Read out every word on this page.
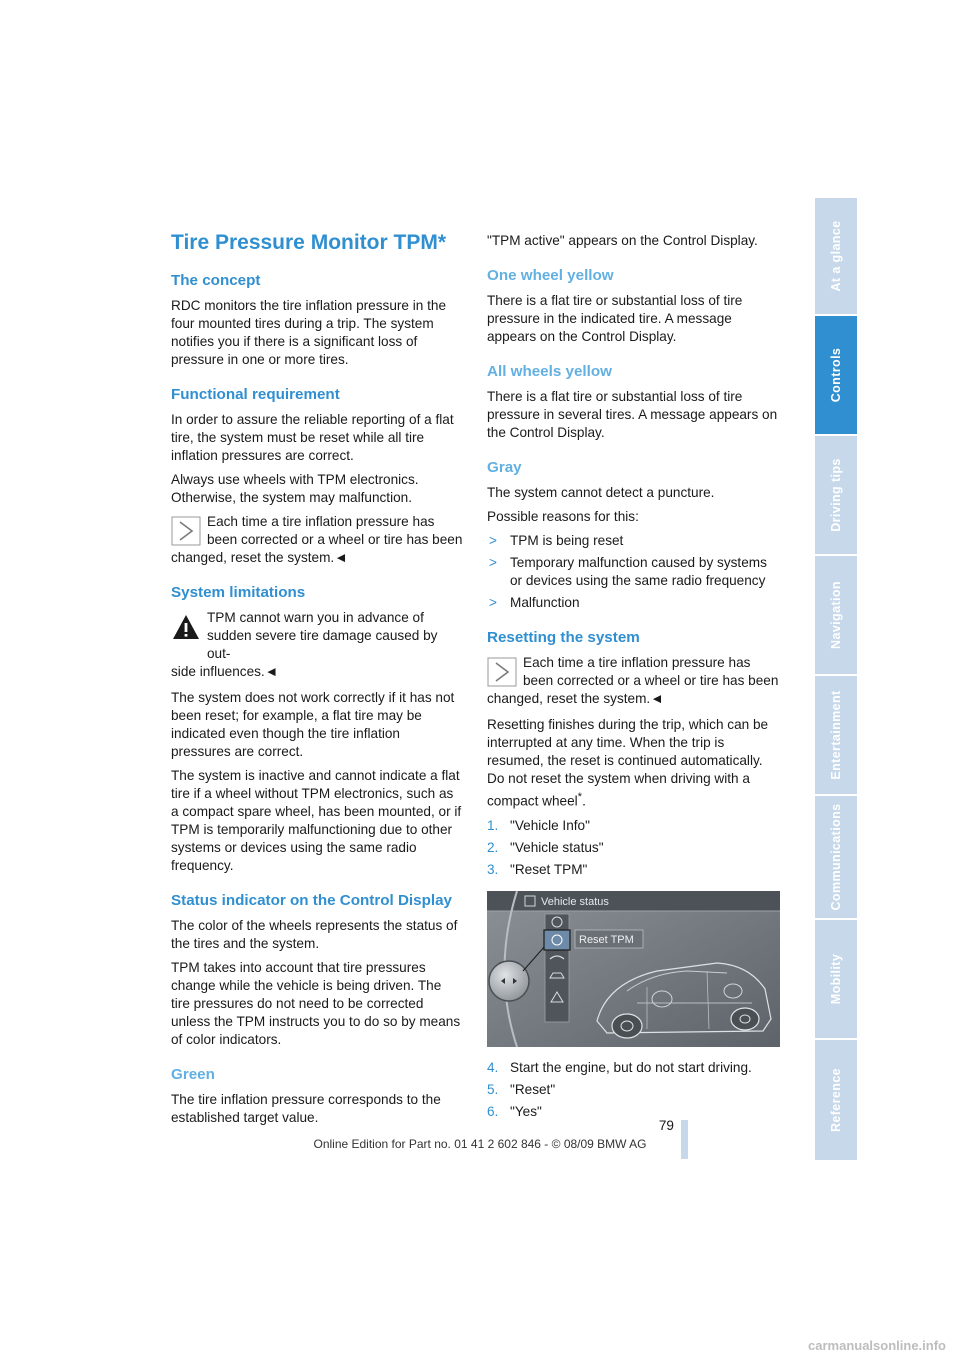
Tire Pressure Monitor TPM*
The concept

RDC monitors the tire inflation pressure in the four mounted tires during a trip. The system notifies you if there is a significant loss of pressure in one or more tires.

Functional requirement

In order to assure the reliable reporting of a flat tire, the system must be reset while all tire inflation pressures are correct.

Always use wheels with TPM electronics. Otherwise, the system may malfunction.

Each time a tire inflation pressure has been corrected or a wheel or tire has been

changed, reset the system.◄

System limitations
TPM cannot warn you in advance of sudden severe tire damage caused by out-

side influences.◄

The system does not work correctly if it has not been reset; for example, a flat tire may be indicated even though the tire inflation pressures are correct.

The system is inactive and cannot indicate a flat tire if a wheel without TPM electronics, such as a compact spare wheel, has been mounted, or if TPM is temporarily malfunctioning due to other systems or devices using the same radio frequency.

Status indicator on the Control Display

The color of the wheels represents the status of the tires and the system.

TPM takes into account that tire pressures change while the vehicle is being driven. The tire pressures do not need to be corrected unless the TPM instructs you to do so by means of color indicators.

Green

The tire inflation pressure corresponds to the established target value.

"TPM active" appears on the Control Display.

One wheel yellow

There is a flat tire or substantial loss of tire pressure in the indicated tire. A message appears on the Control Display.

All wheels yellow

There is a flat tire or substantial loss of tire pressure in several tires. A message appears on the Control Display.

Gray

The system cannot detect a puncture.

Possible reasons for this:

> TPM is being reset
> Temporary malfunction caused by systems or devices using the same radio frequency
> Malfunction
Resetting the system
Each time a tire inflation pressure has been corrected or a wheel or tire has been

changed, reset the system.◄

Resetting finishes during the trip, which can be interrupted at any time. When the trip is resumed, the reset is continued automatically. Do not reset the system when driving with a compact wheel*.

1. "Vehicle Info"
2. "Vehicle status"
3. "Reset TPM"
Vehicle status
Reset TPM
4. Start the engine, but do not start driving.
5. "Reset"
6. "Yes"
At a glance
Controls
Driving tips
Navigation
Entertainment
Communications
Mobility
Reference
79
Online Edition for Part no. 01 41 2 602 846 - © 08/09 BMW AG
carmanualsonline.info
